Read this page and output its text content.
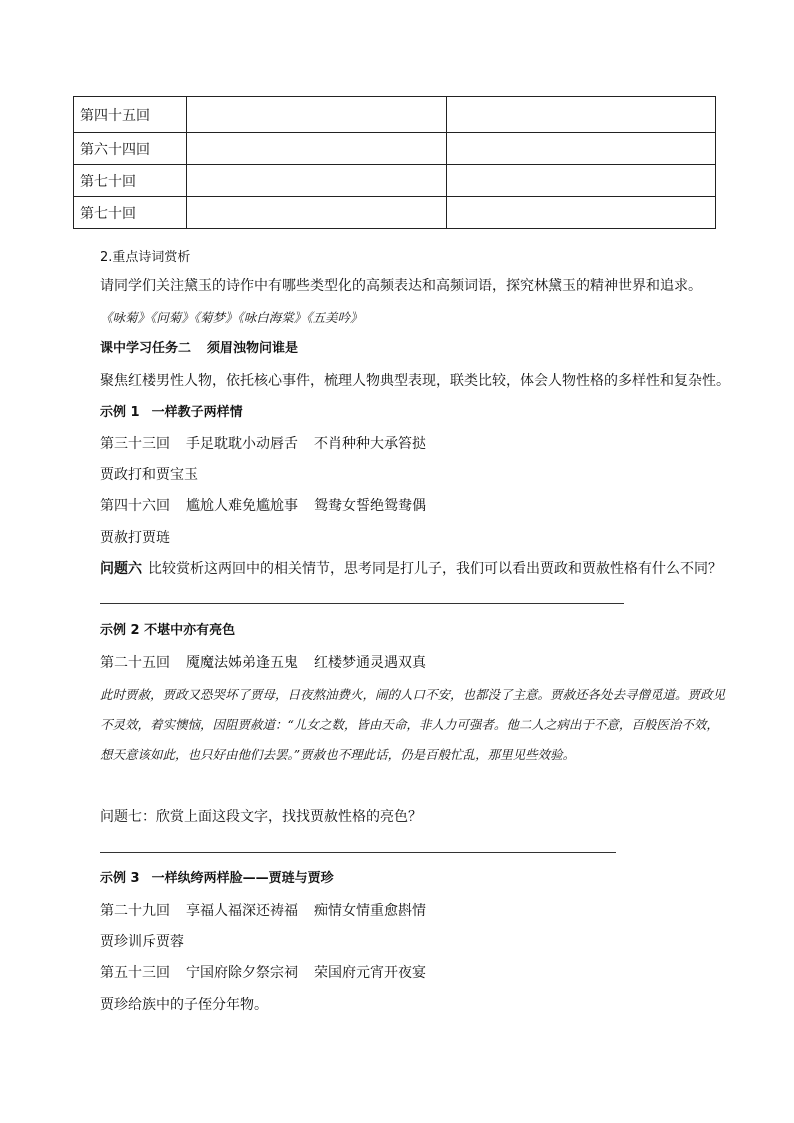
第四十五回		
第六十四回		
第七十回		
第七十回		
2.重点诗词赏析
请同学们关注黛玉的诗作中有哪些类型化的高频表达和高频词语，探究林黛玉的精神世界和追求。
《咏菊》《问菊》《菊梦》《咏白海棠》《五美吟》
课中学习任务二 须眉浊物问谁是
聚焦红楼男性人物，依托核心事件，梳理人物典型表现，联类比较，体会人物性格的多样性和复杂性。
示例 1 一样教子两样情
第三十三回 手足耽耽小动唇舌 不肖种种大承笞挞
贾政打和贾宝玉
第四十六回 尴尬人难免尴尬事 鸳鸯女誓绝鸳鸯偶
贾赦打贾琏
问题六 比较赏析这两回中的相关情节，思考同是打儿子，我们可以看出贾政和贾赦性格有什么不同？
示例 2 不堪中亦有亮色
第二十五回 魇魔法姊弟逢五鬼 红楼梦通灵遇双真
此时贾赦，贾政又恐哭坏了贾母，日夜熬油费火，闹的人口不安，也都没了主意。贾赦还各处去寻僧觅道。贾政见不灵效，着实懊恼，因阻贾赦道：“儿女之数，皆由天命，非人力可强者。他二人之病出于不意，百般医治不效，想天意该如此，也只好由他们去罢。”贾赦也不理此话，仍是百般忙乱，那里见些效验。
问题七：欣赏上面这段文字，找找贾赦性格的亮色？
示例 3 一样纨绔两样脸——贾琏与贾珍
第二十九回 享福人福深还祷福 痴情女情重愈斟情
贾珍训斥贾蓉
第五十三回 宁国府除夕祭宗祠 荣国府元宵开夜宴
贾珍给族中的子侄分年物。
